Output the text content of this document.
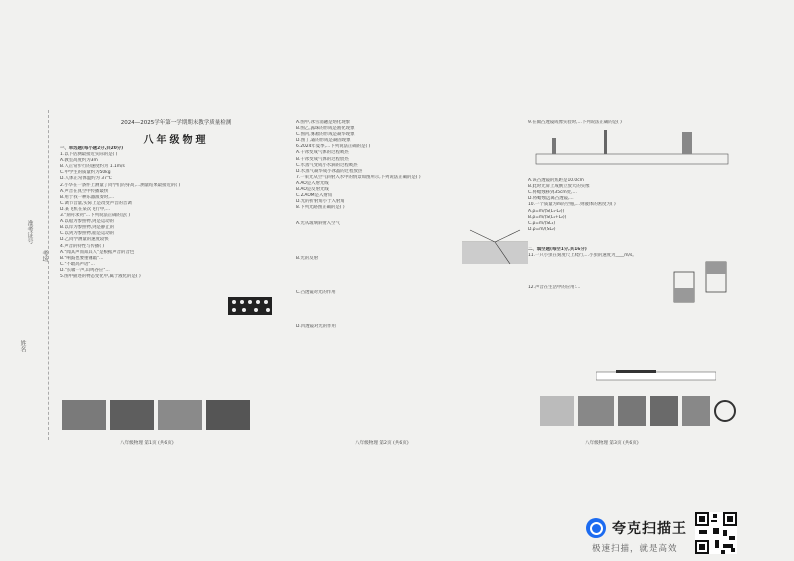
准考证号
考场
姓名
2024—2025学年第一学期期末教学质量检测
八年级物理

一、单选题(每小题2分,共20分)

1.以下估测最接近实际的是( )

A.教室高度约为3m

B.人正常步行的速度约为 1.1m/s

C.中学生的质量约为50kg

D.人体正常体温约为 37℃

2.小华在一条件上测量了同学们的身高,…测量结果最接近的( )

A.声音在真空中传播最快

B.用于我一种乐器演奏时,…

C.调节音量,实际上是改变声音的音调

D.某飞机在某次飞行中,…

3."刻舟求剑"…下列说法正确的是( )

A.以船为参照物,剑是运动的

B.以岸为参照物,剑是静止的

C.以剑为参照物,船是运动的

D.乙同学测量的速度较快

4.声音的特性与传播( )

A."闻其声而知其人"是根据声音的音色

B."响鼓也要重锤敲"…

C."不敢高声语"…

D."长啸一声,山鸣谷应"…

5.图中描述的物态变化中,属于液化的是( )

A.图甲,冰雪消融是熔化现象

B.图乙,露珠的形成是液化现象

C.图丙,雾凇的形成是凝华现象

D.图丁,霜的形成是凝固现象

6.2024年夏季,…下列说法正确的是( )

A.干冰变成气体的过程吸热

B.干冰变成气体的过程放热

C.水蒸气变成小水滴的过程吸热

D.水蒸气凝华成小冰晶的过程放热

7.一束光从空气斜射入水中的情景如图所示,下列说法正确的是( )

A.AO是入射光线

B.AO是反射光线

C.∠AOM是入射角

D.光的折射角小于入射角

8.下列光路图正确的是( )

A.光从玻璃斜射入空气

B.光的反射

C.凸透镜对光的作用

D.凹透镜对光的作用

9.在做凸透镜成像实验时,…下列说法正确的是( )

A.该凸透镜的焦距是10.0cm

B.此时光屏上成倒立放大的实像

C.将蜡烛移到35cm处,…

D.将蜡烛远离凸透镜,…

10.一个质量为m的空瓶,…则液体的密度为( )

A.ρ=m/(S(L₁-L₂))

B.ρ=m/(S(L₁+L₂))

C.ρ=m/(SL₁)

D.ρ=m/(SL₂)

二、填空题(每空1分,共16分)

11.一只小虫在刻度尺上爬行,…小虫的速度为____m/s。

12.声音在生活中的应用:…

八年级物理 第1页 (共6页)	八年级物理 第2页 (共6页)	八年级物理 第3页 (共6页)
夸克扫描王
极速扫描，就是高效
